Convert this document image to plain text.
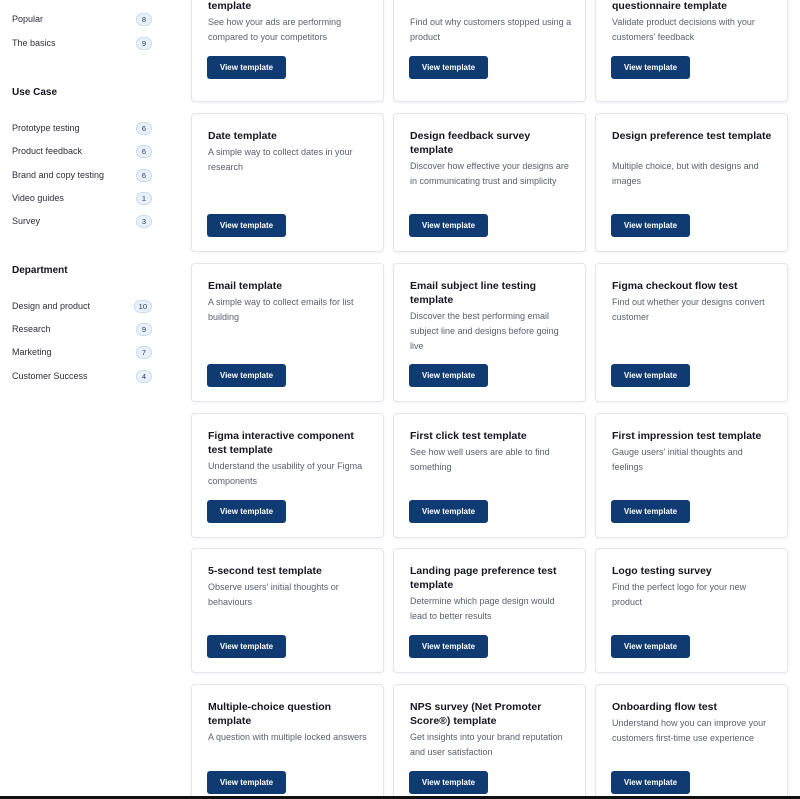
Popular	8
The basics	9
Use Case
Prototype testing	6
Product feedback	6
Brand and copy testing	6
Video guides	1
Survey	3
Department
Design and product	10
Research	9
Marketing	7
Customer Success	4
template
See how your ads are performing compared to your competitors
View template
Find out why customers stopped using a product
View template
questionnaire template
Validate product decisions with your customers' feedback
View template
Date template
A simple way to collect dates in your research
View template
Design feedback survey template
Discover how effective your designs are in communicating trust and simplicity
View template
Design preference test template
Multiple choice, but with designs and images
View template
Email template
A simple way to collect emails for list building
View template
Email subject line testing template
Discover the best performing email subject line and designs before going live
View template
Figma checkout flow test
Find out whether your designs convert customer
View template
Figma interactive component test template
Understand the usability of your Figma components
View template
First click test template
See how well users are able to find something
View template
First impression test template
Gauge users' initial thoughts and feelings
View template
5-second test template
Observe users' initial thoughts or behaviours
View template
Landing page preference test template
Determine which page design would lead to better results
View template
Logo testing survey
Find the perfect logo for your new product
View template
Multiple-choice question template
A question with multiple locked answers
View template
NPS survey (Net Promoter Score®) template
Get insights into your brand reputation and user satisfaction
View template
Onboarding flow test
Understand how you can improve your customers first-time use experience
View template
